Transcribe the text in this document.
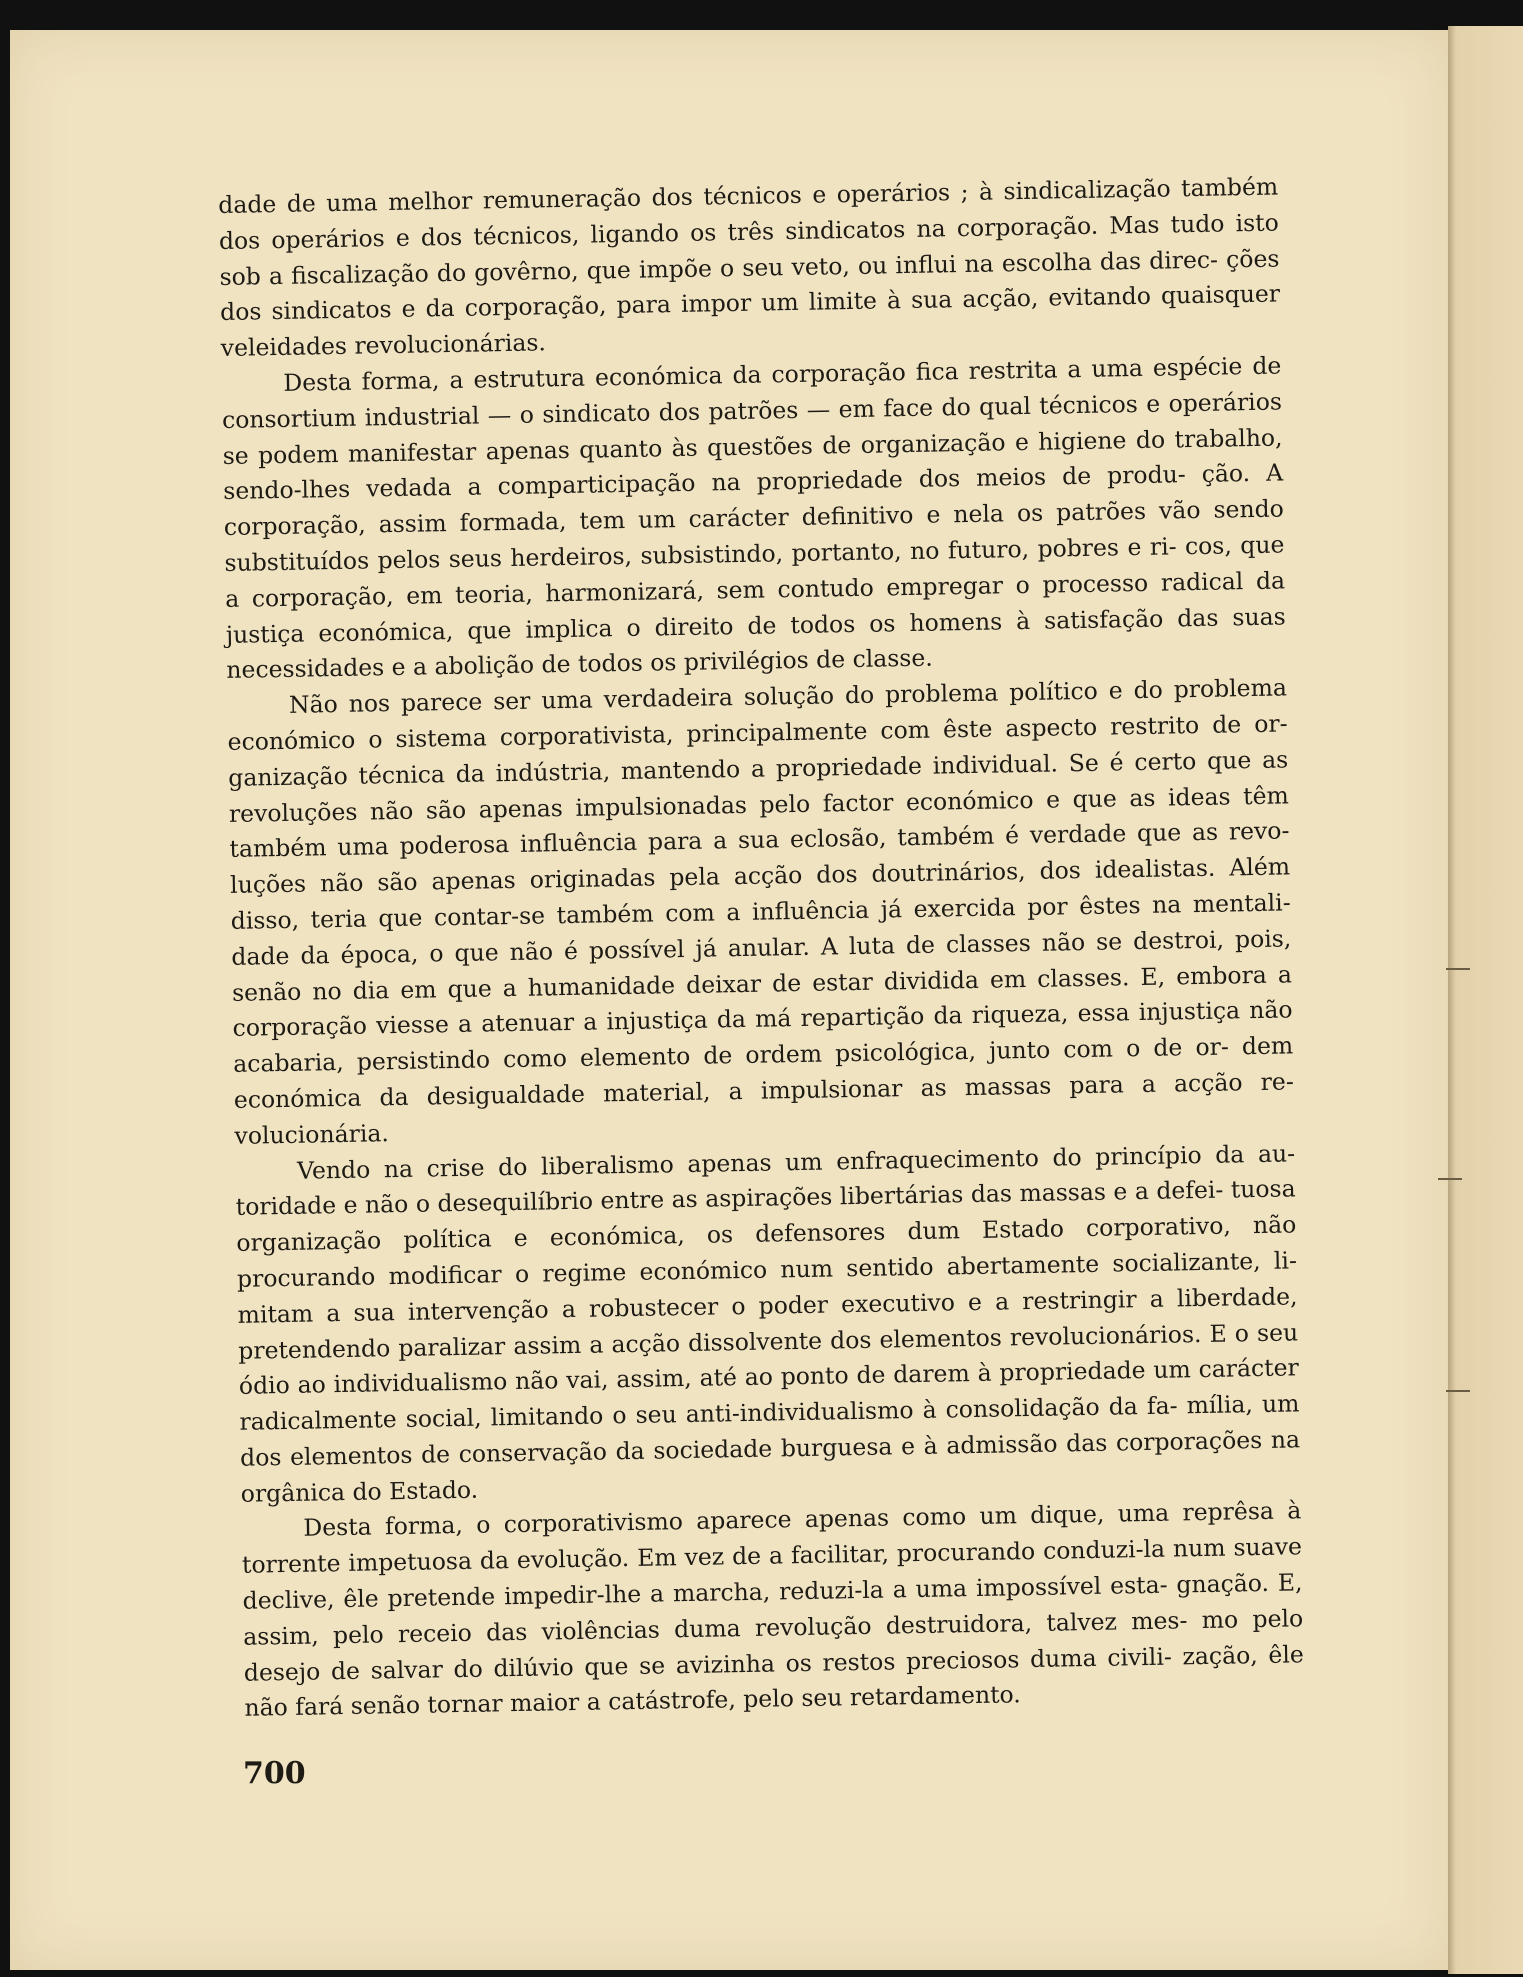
dade de uma melhor remuneração dos técnicos e operários ; à sindicalização também dos operários e dos técnicos, ligando os três sindicatos na corporação. Mas tudo isto sob a fiscalização do govêrno, que impõe o seu veto, ou influi na escolha das direc- ções dos sindicatos e da corporação, para impor um limite à sua acção, evitando quaisquer veleidades revolucionárias.

Desta forma, a estrutura económica da corporação fica restrita a uma espécie de consortium industrial — o sindicato dos patrões — em face do qual técnicos e operários se podem manifestar apenas quanto às questões de organização e higiene do trabalho, sendo-lhes vedada a comparticipação na propriedade dos meios de produ- ção. A corporação, assim formada, tem um carácter definitivo e nela os patrões vão sendo substituídos pelos seus herdeiros, subsistindo, portanto, no futuro, pobres e ri- cos, que a corporação, em teoria, harmonizará, sem contudo empregar o processo radical da justiça económica, que implica o direito de todos os homens à satisfação das suas necessidades e a abolição de todos os privilégios de classe.

Não nos parece ser uma verdadeira solução do problema político e do problema económico o sistema corporativista, principalmente com êste aspecto restrito de or- ganização técnica da indústria, mantendo a propriedade individual. Se é certo que as revoluções não são apenas impulsionadas pelo factor económico e que as ideas têm também uma poderosa influência para a sua eclosão, também é verdade que as revo- luções não são apenas originadas pela acção dos doutrinários, dos idealistas. Além disso, teria que contar-se também com a influência já exercida por êstes na mentali- dade da época, o que não é possível já anular. A luta de classes não se destroi, pois, senão no dia em que a humanidade deixar de estar dividida em classes. E, embora a corporação viesse a atenuar a injustiça da má repartição da riqueza, essa injustiça não acabaria, persistindo como elemento de ordem psicológica, junto com o de or- dem económica da desigualdade material, a impulsionar as massas para a acção re- volucionária.

Vendo na crise do liberalismo apenas um enfraquecimento do princípio da au- toridade e não o desequilíbrio entre as aspirações libertárias das massas e a defei- tuosa organização política e económica, os defensores dum Estado corporativo, não procurando modificar o regime económico num sentido abertamente socializante, li- mitam a sua intervenção a robustecer o poder executivo e a restringir a liberdade, pretendendo paralizar assim a acção dissolvente dos elementos revolucionários. E o seu ódio ao individualismo não vai, assim, até ao ponto de darem à propriedade um carácter radicalmente social, limitando o seu anti-individualismo à consolidação da fa- mília, um dos elementos de conservação da sociedade burguesa e à admissão das corporações na orgânica do Estado.

Desta forma, o corporativismo aparece apenas como um dique, uma reprêsa à torrente impetuosa da evolução. Em vez de a facilitar, procurando conduzi-la num suave declive, êle pretende impedir-lhe a marcha, reduzi-la a uma impossível esta- gnação. E, assim, pelo receio das violências duma revolução destruidora, talvez mes- mo pelo desejo de salvar do dilúvio que se avizinha os restos preciosos duma civili- zação, êle não fará senão tornar maior a catástrofe, pelo seu retardamento.

700
